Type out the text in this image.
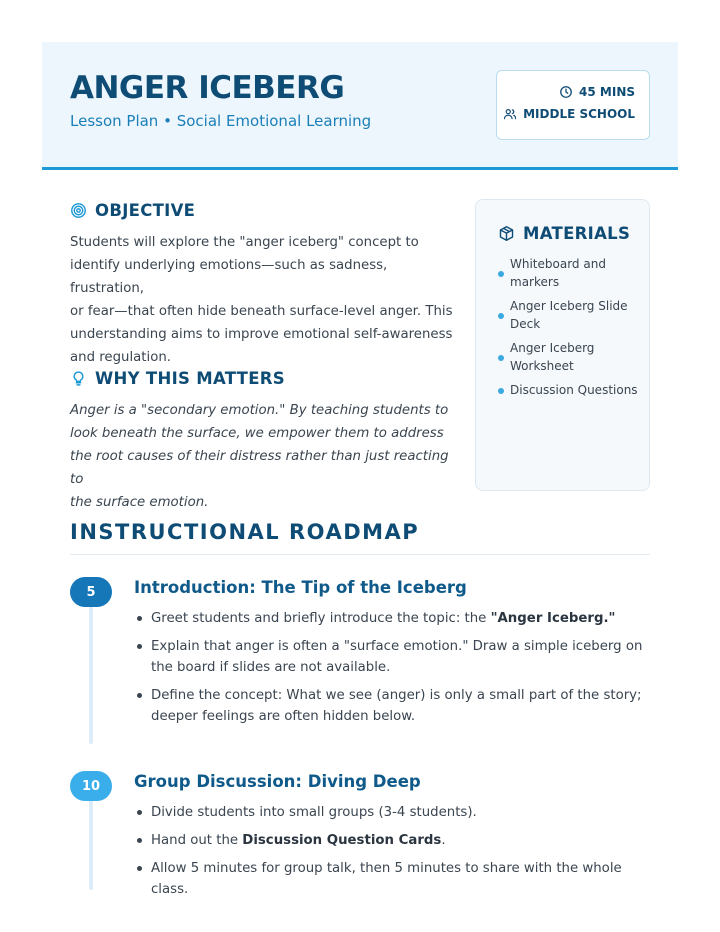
ANGER ICEBERG
Lesson Plan • Social Emotional Learning
45 MINS
MIDDLE SCHOOL
OBJECTIVE
Students will explore the "anger iceberg" concept to
identify underlying emotions—such as sadness, frustration,
or fear—that often hide beneath surface-level anger. This
understanding aims to improve emotional self-awareness
and regulation.
WHY THIS MATTERS
Anger is a "secondary emotion." By teaching students to
look beneath the surface, we empower them to address
the root causes of their distress rather than just reacting to
the surface emotion.
MATERIALS
Whiteboard and markers
Anger Iceberg Slide Deck
Anger Iceberg Worksheet
Discussion Questions
INSTRUCTIONAL ROADMAP
5	Introduction: The Tip of the Iceberg
Greet students and briefly introduce the topic: the "Anger Iceberg."
Explain that anger is often a "surface emotion." Draw a simple iceberg on the board if slides are not available.
Define the concept: What we see (anger) is only a small part of the story; deeper feelings are often hidden below.
10	Group Discussion: Diving Deep
Divide students into small groups (3-4 students).
Hand out the Discussion Question Cards.
Allow 5 minutes for group talk, then 5 minutes to share with the whole class.
